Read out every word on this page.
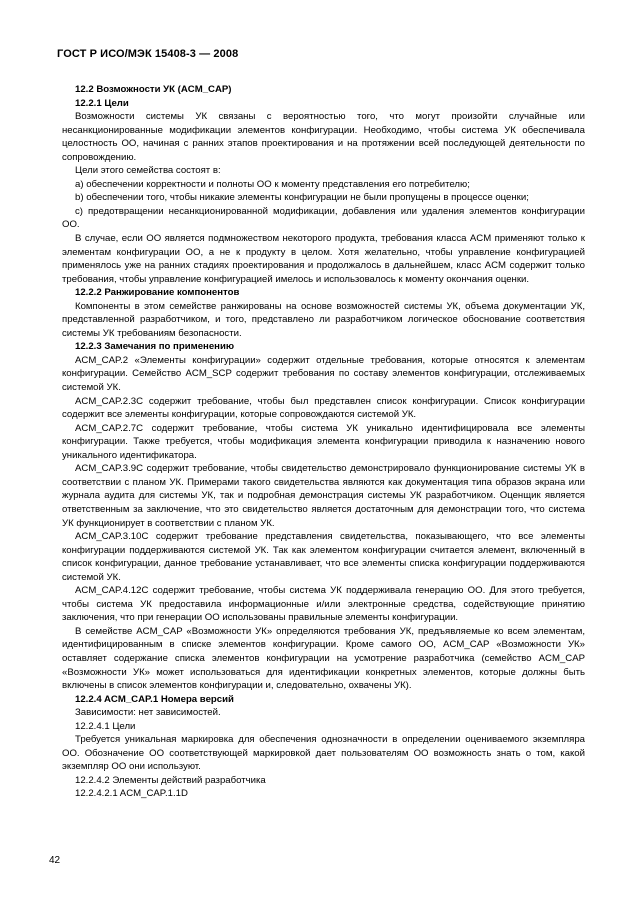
ГОСТ Р ИСО/МЭК 15408-3 — 2008

12.2 Возможности УК (ACM_CAP)

12.2.1 Цели

Возможности системы УК связаны с вероятностью того, что могут произойти случайные или несанкционированные модификации элементов конфигурации. Необходимо, чтобы система УК обеспечивала целостность ОО, начиная с ранних этапов проектирования и на протяжении всей последующей деятельности по сопровождению.

Цели этого семейства состоят в:

а) обеспечении корректности и полноты ОО к моменту представления его потребителю;

b) обеспечении того, чтобы никакие элементы конфигурации не были пропущены в процессе оценки;

с) предотвращении несанкционированной модификации, добавления или удаления элементов конфигурации ОО.

В случае, если ОО является подмножеством некоторого продукта, требования класса ACM применяют только к элементам конфигурации ОО, а не к продукту в целом. Хотя желательно, чтобы управление конфигурацией применялось уже на ранних стадиях проектирования и продолжалось в дальнейшем, класс ACM содержит только требования, чтобы управление конфигурацией имелось и использовалось к моменту окончания оценки.

12.2.2 Ранжирование компонентов

Компоненты в этом семействе ранжированы на основе возможностей системы УК, объема документации УК, представленной разработчиком, и того, представлено ли разработчиком логическое обоснование соответствия системы УК требованиям безопасности.

12.2.3 Замечания по применению

ACM_CAP.2 «Элементы конфигурации» содержит отдельные требования, которые относятся к элементам конфигурации. Семейство ACM_SCP содержит требования по составу элементов конфигурации, отслеживаемых системой УК.

ACM_CAP.2.3C содержит требование, чтобы был представлен список конфигурации. Список конфигурации содержит все элементы конфигурации, которые сопровождаются системой УК.

ACM_CAP.2.7C содержит требование, чтобы система УК уникально идентифицировала все элементы конфигурации. Также требуется, чтобы модификация элемента конфигурации приводила к назначению нового уникального идентификатора.

ACM_CAP.3.9C содержит требование, чтобы свидетельство демонстрировало функционирование системы УК в соответствии с планом УК. Примерами такого свидетельства являются как документация типа образов экрана или журнала аудита для системы УК, так и подробная демонстрация системы УК разработчиком. Оценщик является ответственным за заключение, что это свидетельство является достаточным для демонстрации того, что система УК функционирует в соответствии с планом УК.

ACM_CAP.3.10C содержит требование представления свидетельства, показывающего, что все элементы конфигурации поддерживаются системой УК. Так как элементом конфигурации считается элемент, включенный в список конфигурации, данное требование устанавливает, что все элементы списка конфигурации поддерживаются системой УК.

ACM_CAP.4.12C содержит требование, чтобы система УК поддерживала генерацию ОО. Для этого требуется, чтобы система УК предоставила информационные и/или электронные средства, содействующие принятию заключения, что при генерации ОО использованы правильные элементы конфигурации.

В семействе ACM_CAP «Возможности УК» определяются требования УК, предъявляемые ко всем элементам, идентифицированным в списке элементов конфигурации. Кроме самого ОО, ACM_CAP «Возможности УК» оставляет содержание списка элементов конфигурации на усмотрение разработчика (семейство ACM_CAP «Возможности УК» может использоваться для идентификации конкретных элементов, которые должны быть включены в список элементов конфигурации и, следовательно, охвачены УК).

12.2.4 ACM_CAP.1 Номера версий

Зависимости: нет зависимостей.

12.2.4.1 Цели

Требуется уникальная маркировка для обеспечения однозначности в определении оцениваемого экземпляра ОО. Обозначение ОО соответствующей маркировкой дает пользователям ОО возможность знать о том, какой экземпляр ОО они используют.

12.2.4.2 Элементы действий разработчика

12.2.4.2.1 ACM_CAP.1.1D

42
